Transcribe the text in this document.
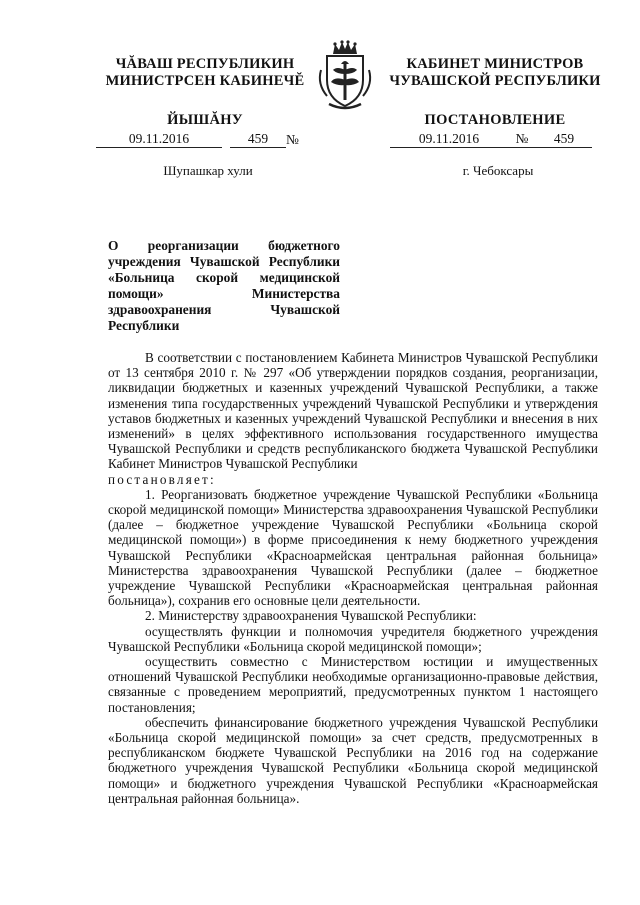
ЧĂВАШ РЕСПУБЛИКИН
МИНИСТРСЕН КАБИНЕЧĔ
ЙЫШĂНУ
КАБИНЕТ МИНИСТРОВ
ЧУВАШСКОЙ РЕСПУБЛИКИ
ПОСТАНОВЛЕНИЕ
09.11.2016	459	№	09.11.2016	№	459
Шупашкар хули	г. Чебоксары
О реорганизации бюджетного учреждения Чувашской Республики «Больница скорой медицинской помощи» Министерства здравоохранения Чувашской Республики

В соответствии с постановлением Кабинета Министров Чувашской Республики от 13 сентября 2010 г. № 297 «Об утверждении порядков создания, реорганизации, ликвидации бюджетных и казенных учреждений Чувашской Республики, а также изменения типа государственных учреждений Чувашской Республики и утверждения уставов бюджетных и казенных учреждений Чувашской Республики и внесения в них изменений» в целях эффективного использования государственного имущества Чувашской Республики и средств республиканского бюджета Чувашской Республики Кабинет Министров Чувашской Республики

постановляет:

1. Реорганизовать бюджетное учреждение Чувашской Республики «Больница скорой медицинской помощи» Министерства здравоохранения Чувашской Республики (далее – бюджетное учреждение Чувашской Республики «Больница скорой медицинской помощи») в форме присоединения к нему бюджетного учреждения Чувашской Республики «Красноармейская центральная районная больница» Министерства здравоохранения Чувашской Республики (далее – бюджетное учреждение Чувашской Республики «Красноармейская центральная районная больница»), сохранив его основные цели деятельности.

2. Министерству здравоохранения Чувашской Республики:

осуществлять функции и полномочия учредителя бюджетного учреждения Чувашской Республики «Больница скорой медицинской помощи»;

осуществить совместно с Министерством юстиции и имущественных отношений Чувашской Республики необходимые организационно-правовые действия, связанные с проведением мероприятий, предусмотренных пунктом 1 настоящего постановления;

обеспечить финансирование бюджетного учреждения Чувашской Республики «Больница скорой медицинской помощи» за счет средств, предусмотренных в республиканском бюджете Чувашской Республики на 2016 год на содержание бюджетного учреждения Чувашской Республики «Больница скорой медицинской помощи» и бюджетного учреждения Чувашской Республики «Красноармейская центральная районная больница».
